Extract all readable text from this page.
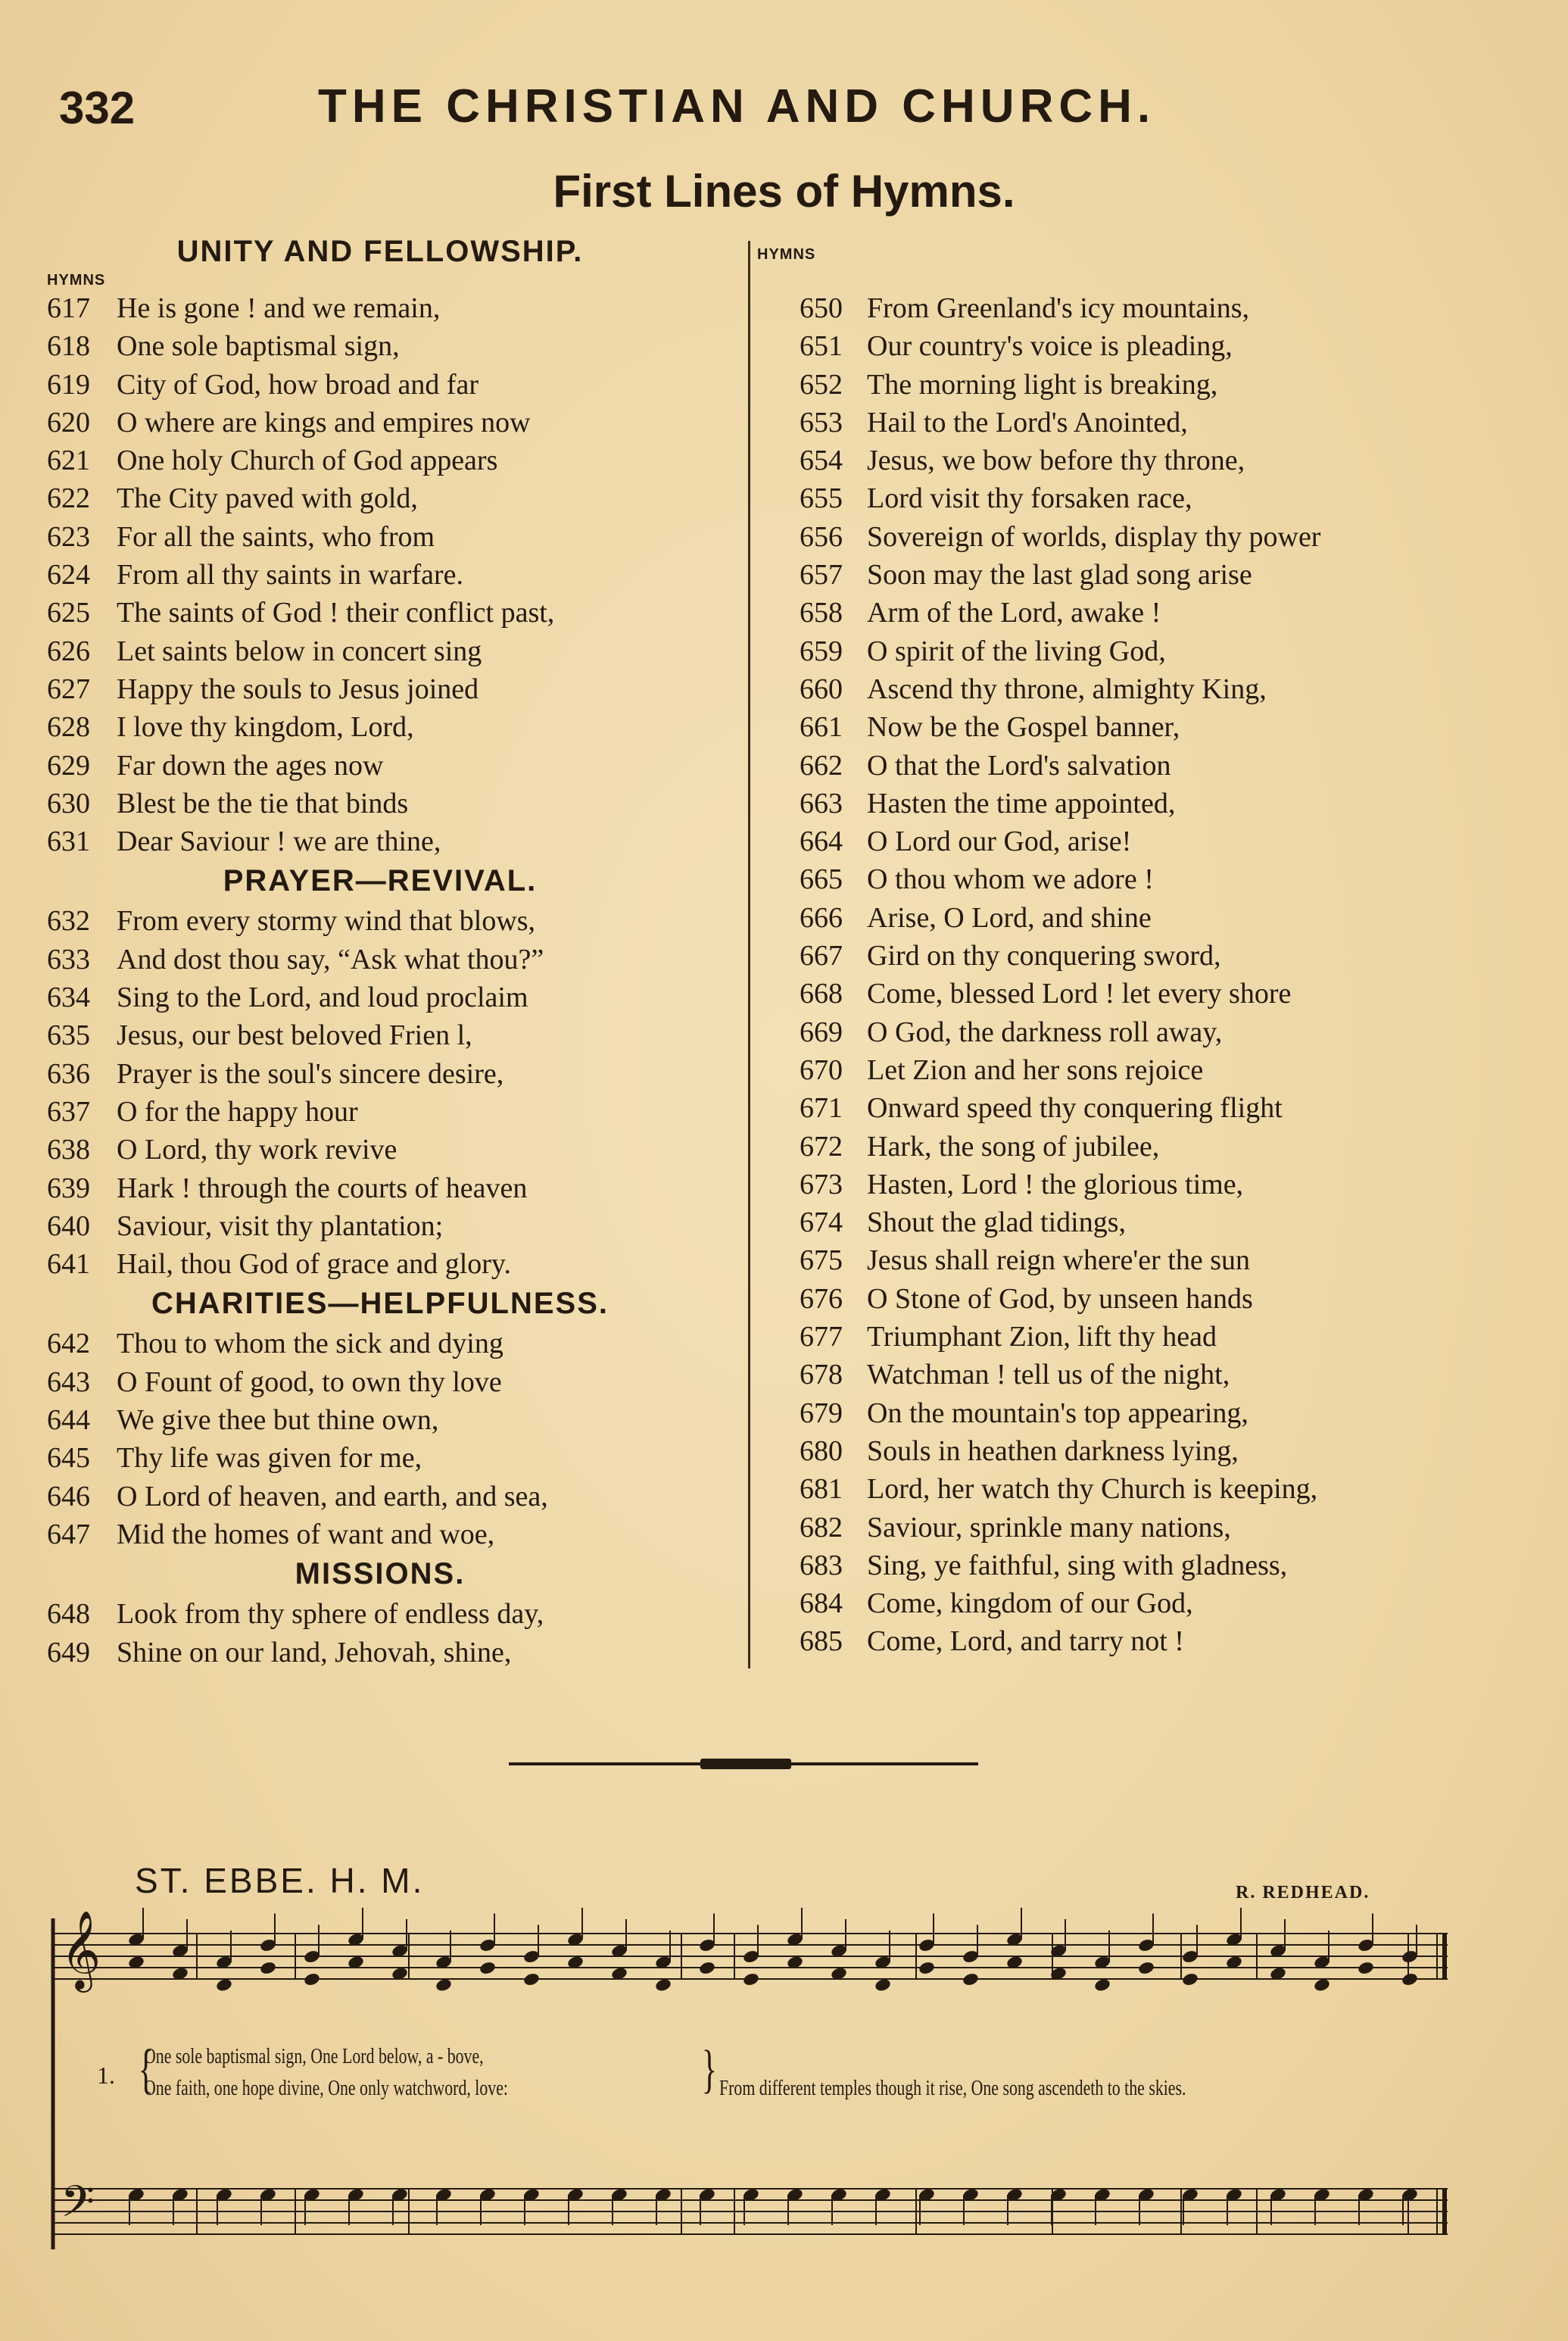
332	THE CHRISTIAN AND CHURCH.
First Lines of Hymns.
UNITY AND FELLOWSHIP.
HYMNS
617 He is gone ! and we remain,
618 One sole baptismal sign,
619 City of God, how broad and far
620 O where are kings and empires now
621 One holy Church of God appears
622 The City paved with gold,
623 For all the saints, who from
624 From all thy saints in warfare.
625 The saints of God ! their conflict past,
626 Let saints below in concert sing
627 Happy the souls to Jesus joined
628 I love thy kingdom, Lord,
629 Far down the ages now
630 Blest be the tie that binds
631 Dear Saviour ! we are thine,
PRAYER—REVIVAL.
632 From every stormy wind that blows,
633 And dost thou say, “Ask what thou?”
634 Sing to the Lord, and loud proclaim
635 Jesus, our best beloved Frien l,
636 Prayer is the soul's sincere desire,
637 O for the happy hour
638 O Lord, thy work revive
639 Hark ! through the courts of heaven
640 Saviour, visit thy plantation;
641 Hail, thou God of grace and glory.
CHARITIES—HELPFULNESS.
642 Thou to whom the sick and dying
643 O Fount of good, to own thy love
644 We give thee but thine own,
645 Thy life was given for me,
646 O Lord of heaven, and earth, and sea,
647 Mid the homes of want and woe,
MISSIONS.
648 Look from thy sphere of endless day,
649 Shine on our land, Jehovah, shine,
HYMNS
650 From Greenland's icy mountains,
651 Our country's voice is pleading,
652 The morning light is breaking,
653 Hail to the Lord's Anointed,
654 Jesus, we bow before thy throne,
655 Lord visit thy forsaken race,
656 Sovereign of worlds, display thy power
657 Soon may the last glad song arise
658 Arm of the Lord, awake !
659 O spirit of the living God,
660 Ascend thy throne, almighty King,
661 Now be the Gospel banner,
662 O that the Lord's salvation
663 Hasten the time appointed,
664 O Lord our God, arise!
665 O thou whom we adore !
666 Arise, O Lord, and shine
667 Gird on thy conquering sword,
668 Come, blessed Lord ! let every shore
669 O God, the darkness roll away,
670 Let Zion and her sons rejoice
671 Onward speed thy conquering flight
672 Hark, the song of jubilee,
673 Hasten, Lord ! the glorious time,
674 Shout the glad tidings,
675 Jesus shall reign where'er the sun
676 O Stone of God, by unseen hands
677 Triumphant Zion, lift thy head
678 Watchman ! tell us of the night,
679 On the mountain's top appearing,
680 Souls in heathen darkness lying,
681 Lord, her watch thy Church is keeping,
682 Saviour, sprinkle many nations,
683 Sing, ye faithful, sing with gladness,
684 Come, kingdom of our God,
685 Come, Lord, and tarry not !
ST. EBBE. H. M.	R. REDHEAD.
𝄞
𝄢
1. {
One sole baptismal sign, One Lord below, a - bove,
One faith, one hope divine, One only watchword, love:	} From different temples though it rise, One song ascendeth to the skies.
